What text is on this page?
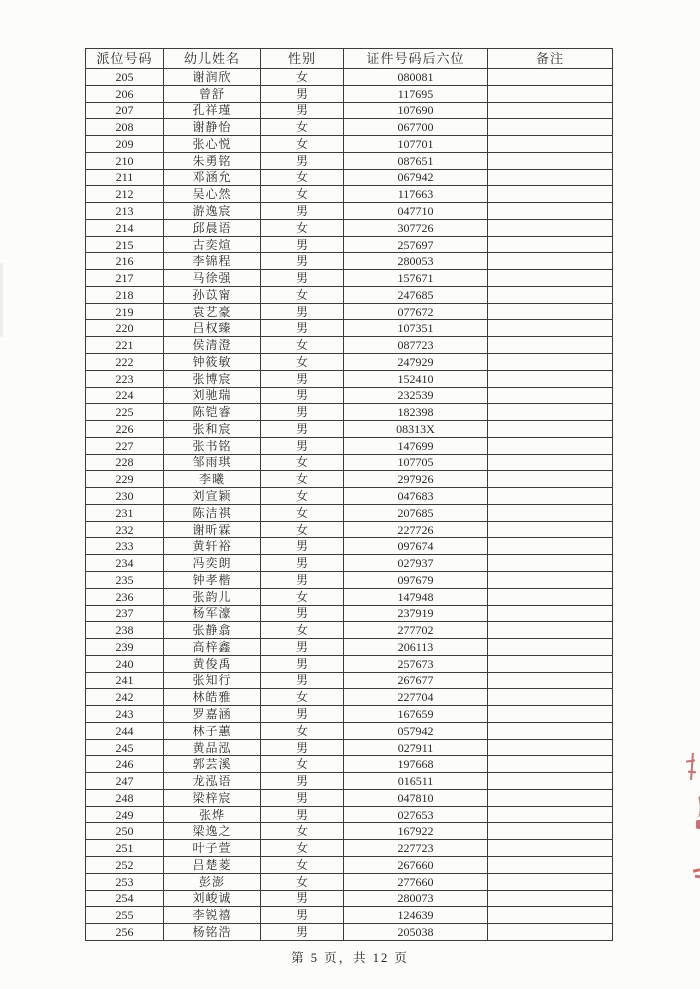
派位号码	幼儿姓名	性别	证件号码后六位	备注
205	谢润欣	女	080081	
206	曾舒	男	117695	
207	孔祥瑾	男	107690	
208	谢静怡	女	067700	
209	张心悦	女	107701	
210	朱勇铭	男	087651	
211	邓涵允	女	067942	
212	吴心然	女	117663	
213	游逸宸	男	047710	
214	邱晨语	女	307726	
215	古奕煊	男	257697	
216	李锦程	男	280053	
217	马徐强	男	157671	
218	孙苡甯	女	247685	
219	袁艺豪	男	077672	
220	吕权臻	男	107351	
221	侯清澄	女	087723	
222	钟筱敏	女	247929	
223	张博宸	男	152410	
224	刘驰瑞	男	232539	
225	陈铠睿	男	182398	
226	张和宸	男	08313X	
227	张书铭	男	147699	
228	邹雨琪	女	107705	
229	李曦	女	297926	
230	刘宣颖	女	047683	
231	陈洁祺	女	207685	
232	谢昕霖	女	227726	
233	黄轩裕	男	097674	
234	冯奕朗	男	027937	
235	钟孝楷	男	097679	
236	张韵儿	女	147948	
237	杨军濠	男	237919	
238	张静翕	女	277702	
239	高梓鑫	男	206113	
240	黄俊禹	男	257673	
241	张知行	男	267677	
242	林皓雅	女	227704	
243	罗嘉涵	男	167659	
244	林子蕙	女	057942	
245	黄品泓	男	027911	
246	郭芸溪	女	197668	
247	龙泓语	男	016511	
248	梁梓宸	男	047810	
249	张烨	男	027653	
250	梁逸之	女	167922	
251	叶子萱	女	227723	
252	吕楚菱	女	267660	
253	彭澎	女	277660	
254	刘峻诚	男	280073	
255	李锐禧	男	124639	
256	杨铭浩	男	205038	
第 5 页，共 12 页
